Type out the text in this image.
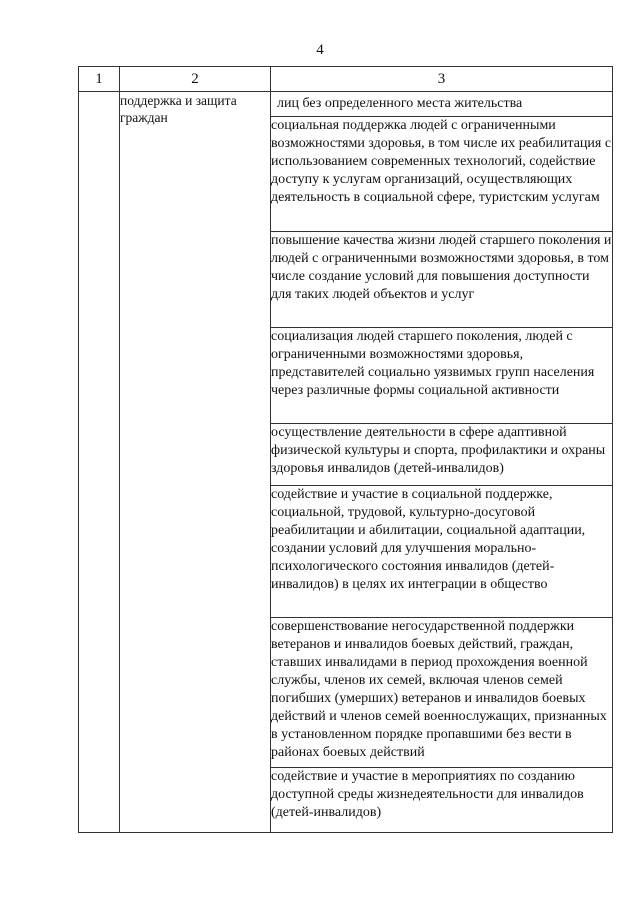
4
1	2	3
	поддержка и защита граждан	лиц без определенного места жительства
		социальная поддержка людей с ограниченными возможностями здоровья, в том числе их реабилитация с использованием современных технологий, содействие доступу к услугам организаций, осуществляющих деятельность в социальной сфере, туристским услугам
		повышение качества жизни людей старшего поколения и людей с ограниченными возможностями здоровья, в том числе создание условий для повышения доступности для таких людей объектов и услуг
		социализация людей старшего поколения, людей с ограниченными возможностями здоровья, представителей социально уязвимых групп населения через различные формы социальной активности
		осуществление деятельности в сфере адаптивной физической культуры и спорта, профилактики и охраны здоровья инвалидов (детей-инвалидов)
		содействие и участие в социальной поддержке, социальной, трудовой, культурно-досуговой реабилитации и абилитации, социальной адаптации, создании условий для улучшения морально-психологического состояния инвалидов (детей-инвалидов) в целях их интеграции в общество
		совершенствование негосударственной поддержки ветеранов и инвалидов боевых действий, граждан, ставших инвалидами в период прохождения военной службы, членов их семей, включая членов семей погибших (умерших) ветеранов и инвалидов боевых действий и членов семей военнослужащих, признанных в установленном порядке пропавшими без вести в районах боевых действий
		содействие и участие в мероприятиях по созданию доступной среды жизнедеятельности для инвалидов (детей-инвалидов)
